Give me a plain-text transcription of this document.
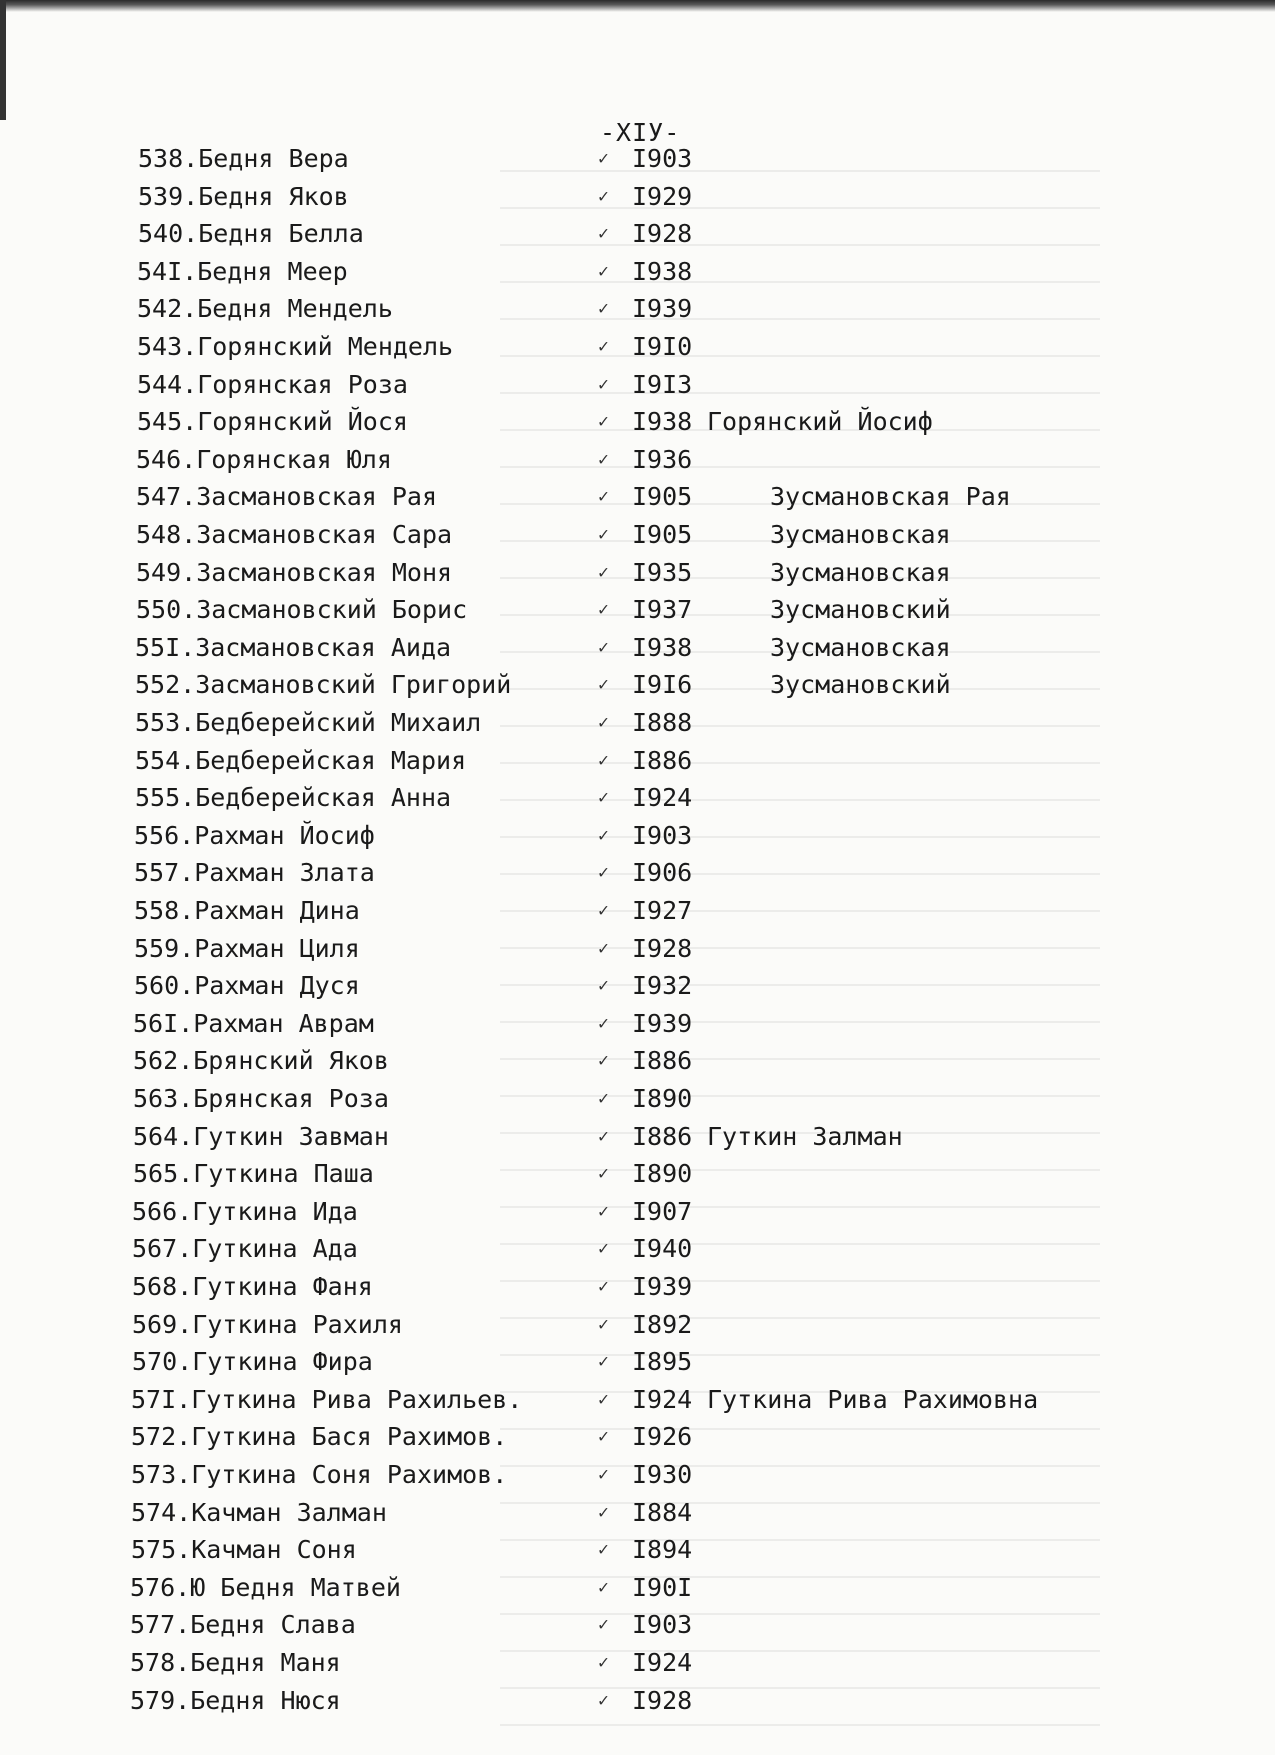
-XIУ-
538.Бедня Вера	✓ I903
539.Бедня Яков	✓ I929
540.Бедня Белла	✓ I928
54I.Бедня Меер	✓ I938
542.Бедня Мендель	✓ I939
543.Горянский Мендель	✓ I9I0
544.Горянская Роза	✓ I9I3
545.Горянский Йося	✓ I938 Горянский Йосиф
546.Горянская Юля	✓ I936
547.Засмановская Рая	✓ I905	Зусмановская Рая
548.Засмановская Сара	✓ I905	Зусмановская
549.Засмановская Моня	✓ I935	Зусмановская
550.Засмановский Борис	✓ I937	Зусмановский
55I.Засмановская Аида	✓ I938	Зусмановская
552.Засмановский Григорий	✓ I9I6	Зусмановский
553.Бедберейский Михаил	✓ I888
554.Бедберейская Мария	✓ I886
555.Бедберейская Анна	✓ I924
556.Рахман Йосиф	✓ I903
557.Рахман Злата	✓ I906
558.Рахман Дина	✓ I927
559.Рахман Циля	✓ I928
560.Рахман Дуся	✓ I932
56I.Рахман Аврам	✓ I939
562.Брянский Яков	✓ I886
563.Брянская Роза	✓ I890
564.Гуткин Завман	✓ I886 Гуткин Залман
565.Гуткина Паша	✓ I890
566.Гуткина Ида	✓ I907
567.Гуткина Ада	✓ I940
568.Гуткина Фаня	✓ I939
569.Гуткина Рахиля	✓ I892
570.Гуткина Фира	✓ I895
57I.Гуткина Рива Рахильев.	✓ I924 Гуткина Рива Рахимовна
572.Гуткина Бася Рахимов.	✓ I926
573.Гуткина Соня Рахимов.	✓ I930
574.Качман Залман	✓ I884
575.Качман Соня	✓ I894
576.Ю Бедня Матвей	✓ I90I
577.Бедня Слава	✓ I903
578.Бедня Маня	✓ I924
579.Бедня Нюся	✓ I928
